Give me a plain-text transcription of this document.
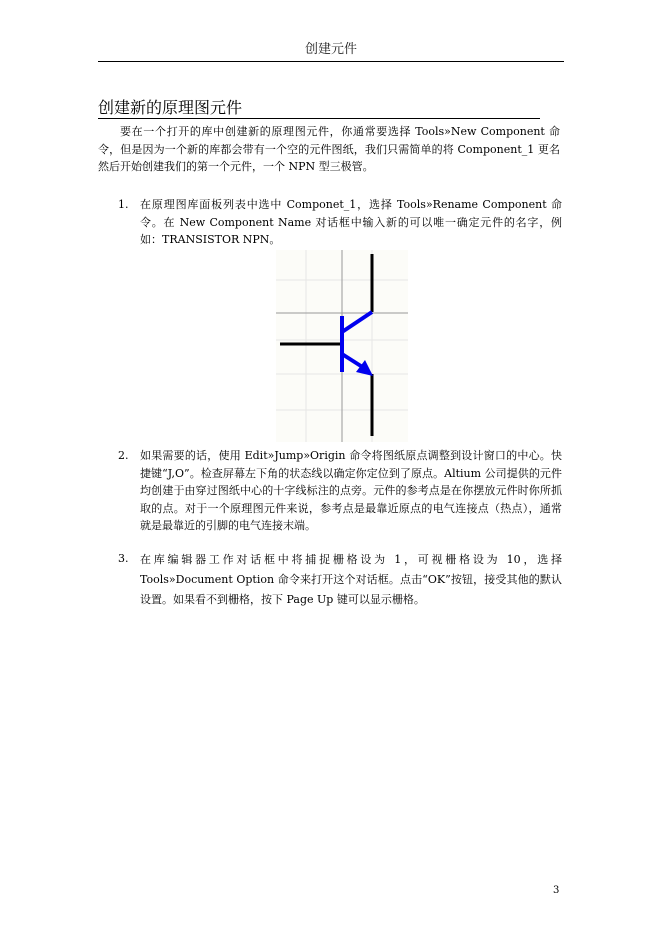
创建元件
创建新的原理图元件
要在一个打开的库中创建新的原理图元件，你通常要选择 Tools»New Component 命令，但是因为一个新的库都会带有一个空的元件图纸，我们只需简单的将 Component_1 更名然后开始创建我们的第一个元件，一个 NPN 型三极管。
1. 在原理图库面板列表中选中 Componet_1，选择 Tools»Rename Component 命令。在 New Component Name 对话框中输入新的可以唯一确定元件的名字，例如：TRANSISTOR NPN。
2. 如果需要的话，使用 Edit»Jump»Origin 命令将图纸原点调整到设计窗口的中心。快捷键“J,O”。检查屏幕左下角的状态线以确定你定位到了原点。Altium 公司提供的元件均创建于由穿过图纸中心的十字线标注的点旁。元件的参考点是在你摆放元件时你所抓取的点。对于一个原理图元件来说，参考点是最靠近原点的电气连接点（热点），通常就是最靠近的引脚的电气连接末端。
3. 在库编辑器工作对话框中将捕捉栅格设为 1，可视栅格设为 10，选择 Tools»Document Option 命令来打开这个对话框。点击“OK”按钮，接受其他的默认设置。如果看不到栅格，按下 Page Up 键可以显示栅格。
3
